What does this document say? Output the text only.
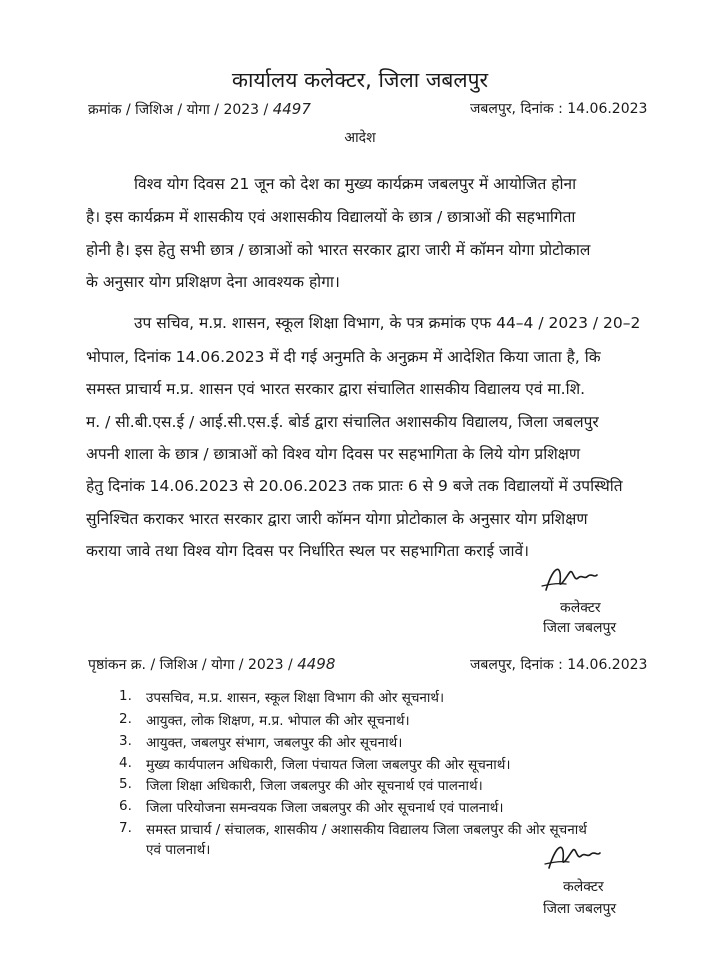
कार्यालय कलेक्टर, जिला जबलपुर
क्रमांक / जिशिअ / योगा / 2023 / 4497	जबलपुर, दिनांक : 14.06.2023
आदेश
विश्व योग दिवस 21 जून को देश का मुख्य कार्यक्रम जबलपुर में आयोजित होना
है। इस कार्यक्रम में शासकीय एवं अशासकीय विद्यालयों के छात्र / छात्राओं की सहभागिता
होनी है। इस हेतु सभी छात्र / छात्राओं को भारत सरकार द्वारा जारी में कॉमन योगा प्रोटोकाल
के अनुसार योग प्रशिक्षण देना आवश्यक होगा।
उप सचिव, म.प्र. शासन, स्कूल शिक्षा विभाग, के पत्र क्रमांक एफ 44–4 / 2023 / 20–2
भोपाल, दिनांक 14.06.2023 में दी गई अनुमति के अनुक्रम में आदेशित किया जाता है, कि
समस्त प्राचार्य म.प्र. शासन एवं भारत सरकार द्वारा संचालित शासकीय विद्यालय एवं मा.शि.
म. / सी.बी.एस.ई / आई.सी.एस.ई. बोर्ड द्वारा संचालित अशासकीय विद्यालय, जिला जबलपुर
अपनी शाला के छात्र / छात्राओं को विश्व योग दिवस पर सहभागिता के लिये योग प्रशिक्षण
हेतु दिनांक 14.06.2023 से 20.06.2023 तक प्रातः 6 से 9 बजे तक विद्यालयों में उपस्थिति
सुनिश्चित कराकर भारत सरकार द्वारा जारी कॉमन योगा प्रोटोकाल के अनुसार योग प्रशिक्षण
कराया जावे तथा विश्व योग दिवस पर निर्धारित स्थल पर सहभागिता कराई जावें।
कलेक्टर
जिला जबलपुर
पृष्ठांकन क्र. / जिशिअ / योगा / 2023 / 4498	जबलपुर, दिनांक : 14.06.2023
1. उपसचिव, म.प्र. शासन, स्कूल शिक्षा विभाग की ओर सूचनार्थ।
2. आयुक्त, लोक शिक्षण, म.प्र. भोपाल की ओर सूचनार्थ।
3. आयुक्त, जबलपुर संभाग, जबलपुर की ओर सूचनार्थ।
4. मुख्य कार्यपालन अधिकारी, जिला पंचायत जिला जबलपुर की ओर सूचनार्थ।
5. जिला शिक्षा अधिकारी, जिला जबलपुर की ओर सूचनार्थ एवं पालनार्थ।
6. जिला परियोजना समन्वयक जिला जबलपुर की ओर सूचनार्थ एवं पालनार्थ।
7. समस्त प्राचार्य / संचालक, शासकीय / अशासकीय विद्यालय जिला जबलपुर की ओर सूचनार्थ
एवं पालनार्थ।
कलेक्टर
जिला जबलपुर
